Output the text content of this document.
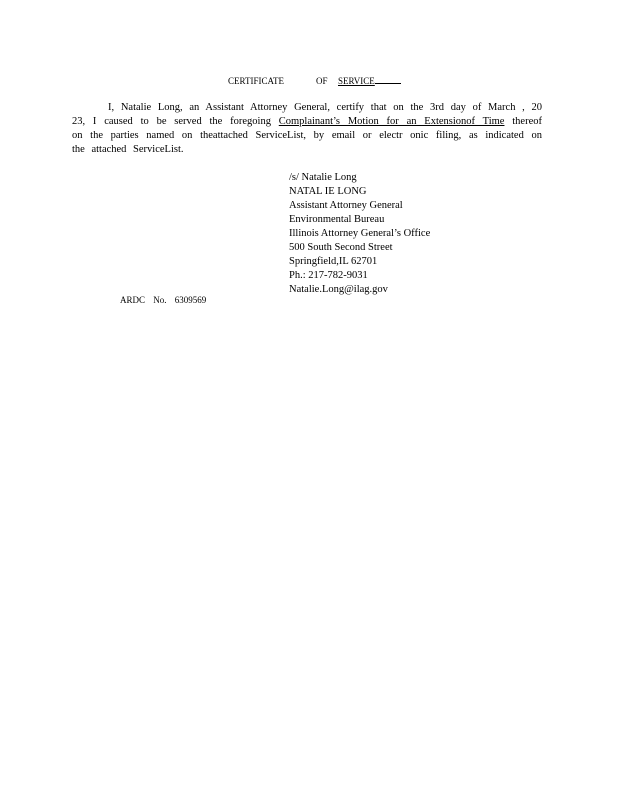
CERTIFICATE	OF SERVICE
I, Natalie Long, an Assistant Attorney General, certify that on the 3rd day of March , 20 23, I caused to be served the foregoing Complainant’s Motion for an Extensionof Time thereof on the parties named on theattached ServiceList, by email or electr onic filing, as indicated on the attached ServiceList.
/s/ Natalie Long
NATAL IE LONG
Assistant Attorney General
Environmental Bureau
Illinois Attorney General’s Office
500 South Second Street
Springfield,IL 62701
Ph.: 217-782-9031
Natalie.Long@ilag.gov
ARDC No. 6309569
